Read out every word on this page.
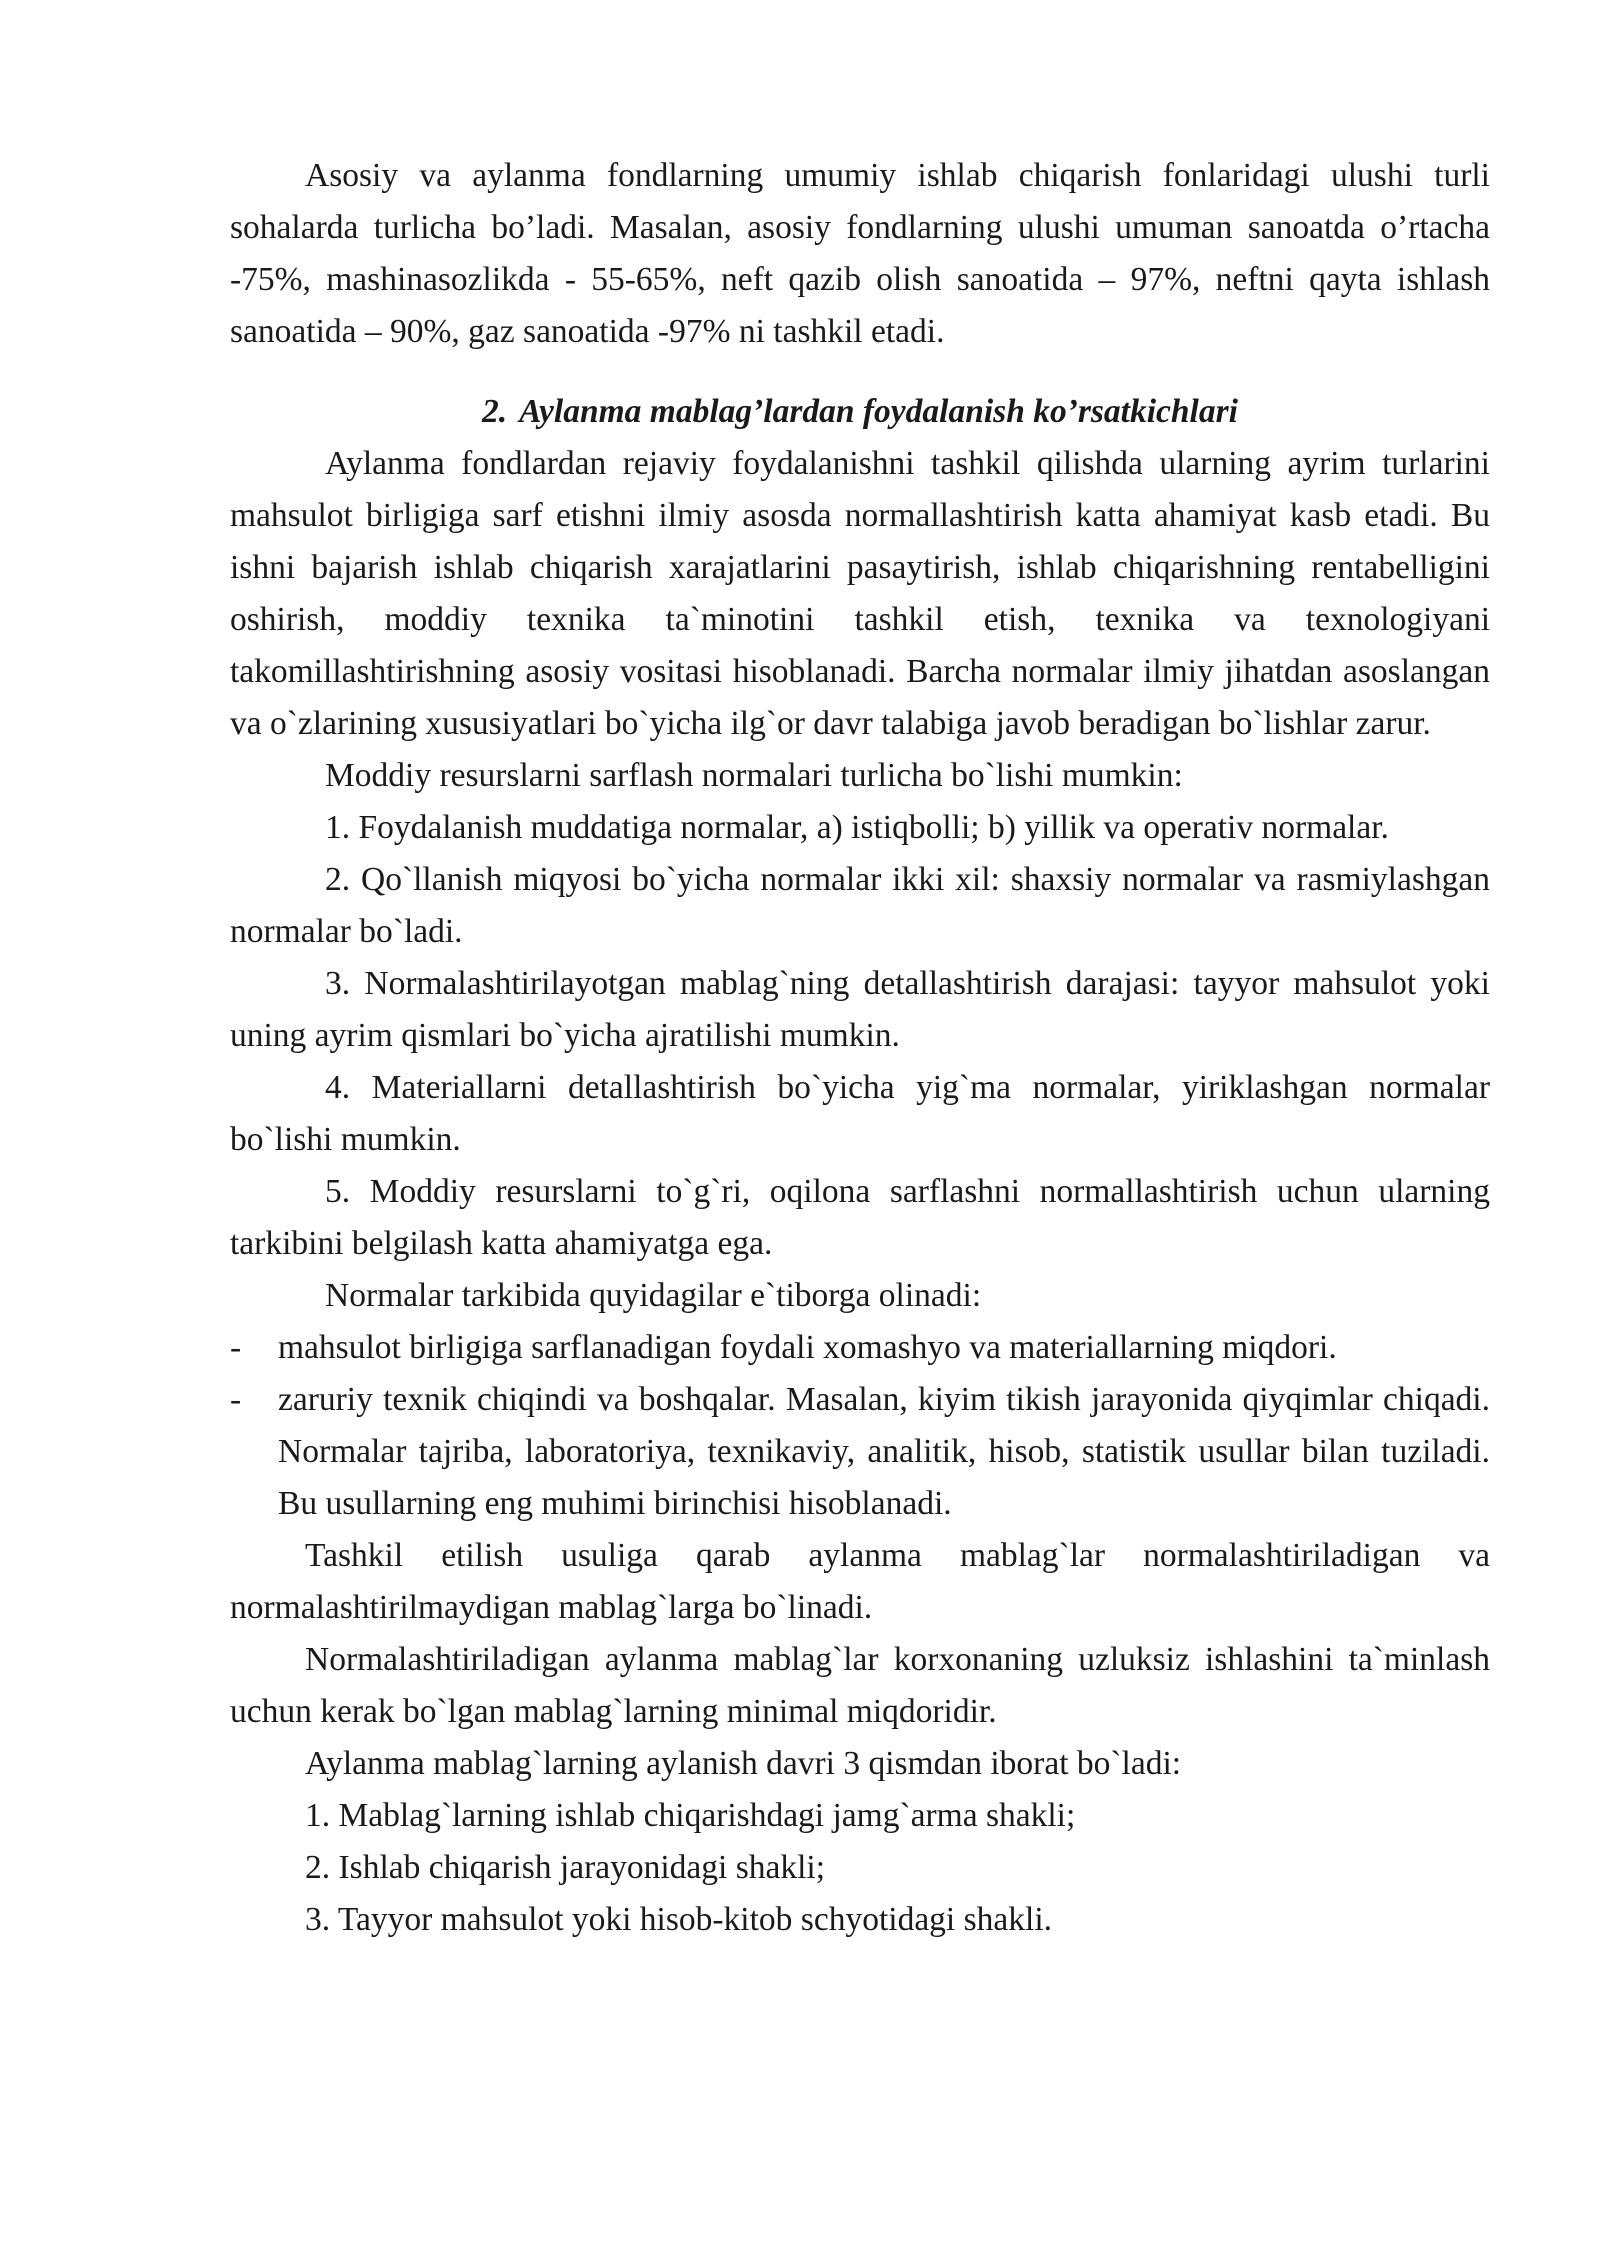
Asosiy va aylanma fondlarning umumiy ishlab chiqarish fonlaridagi ulushi turli sohalarda turlicha bo’ladi. Masalan, asosiy fondlarning ulushi umuman sanoatda o’rtacha -75%, mashinasozlikda - 55-65%, neft qazib olish sanoatida – 97%, neftni qayta ishlash sanoatida – 90%, gaz sanoatida -97% ni tashkil etadi.

2. Aylanma mablag’lardan foydalanish ko’rsatkichlari

Aylanma fondlardan rejaviy foydalanishni tashkil qilishda ularning ayrim turlarini mahsulot birligiga sarf etishni ilmiy asosda normallashtirish katta ahamiyat kasb etadi. Bu ishni bajarish ishlab chiqarish xarajatlarini pasaytirish, ishlab chiqarishning rentabelligini oshirish, moddiy texnika ta`minotini tashkil etish, texnika va texnologiyani takomillashtirishning asosiy vositasi hisoblanadi. Barcha normalar ilmiy jihatdan asoslangan va o`zlarining xususiyatlari bo`yicha ilg`or davr talabiga javob beradigan bo`lishlar zarur.

Moddiy resurslarni sarflash normalari turlicha bo`lishi mumkin:

1. Foydalanish muddatiga normalar, a) istiqbolli; b) yillik va operativ normalar.

2. Qo`llanish miqyosi bo`yicha normalar ikki xil: shaxsiy normalar va rasmiylashgan normalar bo`ladi.

3. Normalashtirilayotgan mablag`ning detallashtirish darajasi: tayyor mahsulot yoki uning ayrim qismlari bo`yicha ajratilishi mumkin.

4. Materiallarni detallashtirish bo`yicha yig`ma normalar, yiriklashgan normalar bo`lishi mumkin.

5. Moddiy resurslarni to`g`ri, oqilona sarflashni normallashtirish uchun ularning tarkibini belgilash katta ahamiyatga ega.

Normalar tarkibida quyidagilar e`tiborga olinadi:

- mahsulot birligiga sarflanadigan foydali xomashyo va materiallarning miqdori.
- zaruriy texnik chiqindi va boshqalar. Masalan, kiyim tikish jarayonida qiyqimlar chiqadi. Normalar tajriba, laboratoriya, texnikaviy, analitik, hisob, statistik usullar bilan tuziladi. Bu usullarning eng muhimi birinchisi hisoblanadi.

Tashkil etilish usuliga qarab aylanma mablag`lar normalashtiriladigan va normalashtirilmaydigan mablag`larga bo`linadi.

Normalashtiriladigan aylanma mablag`lar korxonaning uzluksiz ishlashini ta`minlash uchun kerak bo`lgan mablag`larning minimal miqdoridir.

Aylanma mablag`larning aylanish davri 3 qismdan iborat bo`ladi:

1. Mablag`larning ishlab chiqarishdagi jamg`arma shakli;

2. Ishlab chiqarish jarayonidagi shakli;

3. Tayyor mahsulot yoki hisob-kitob schyotidagi shakli.
